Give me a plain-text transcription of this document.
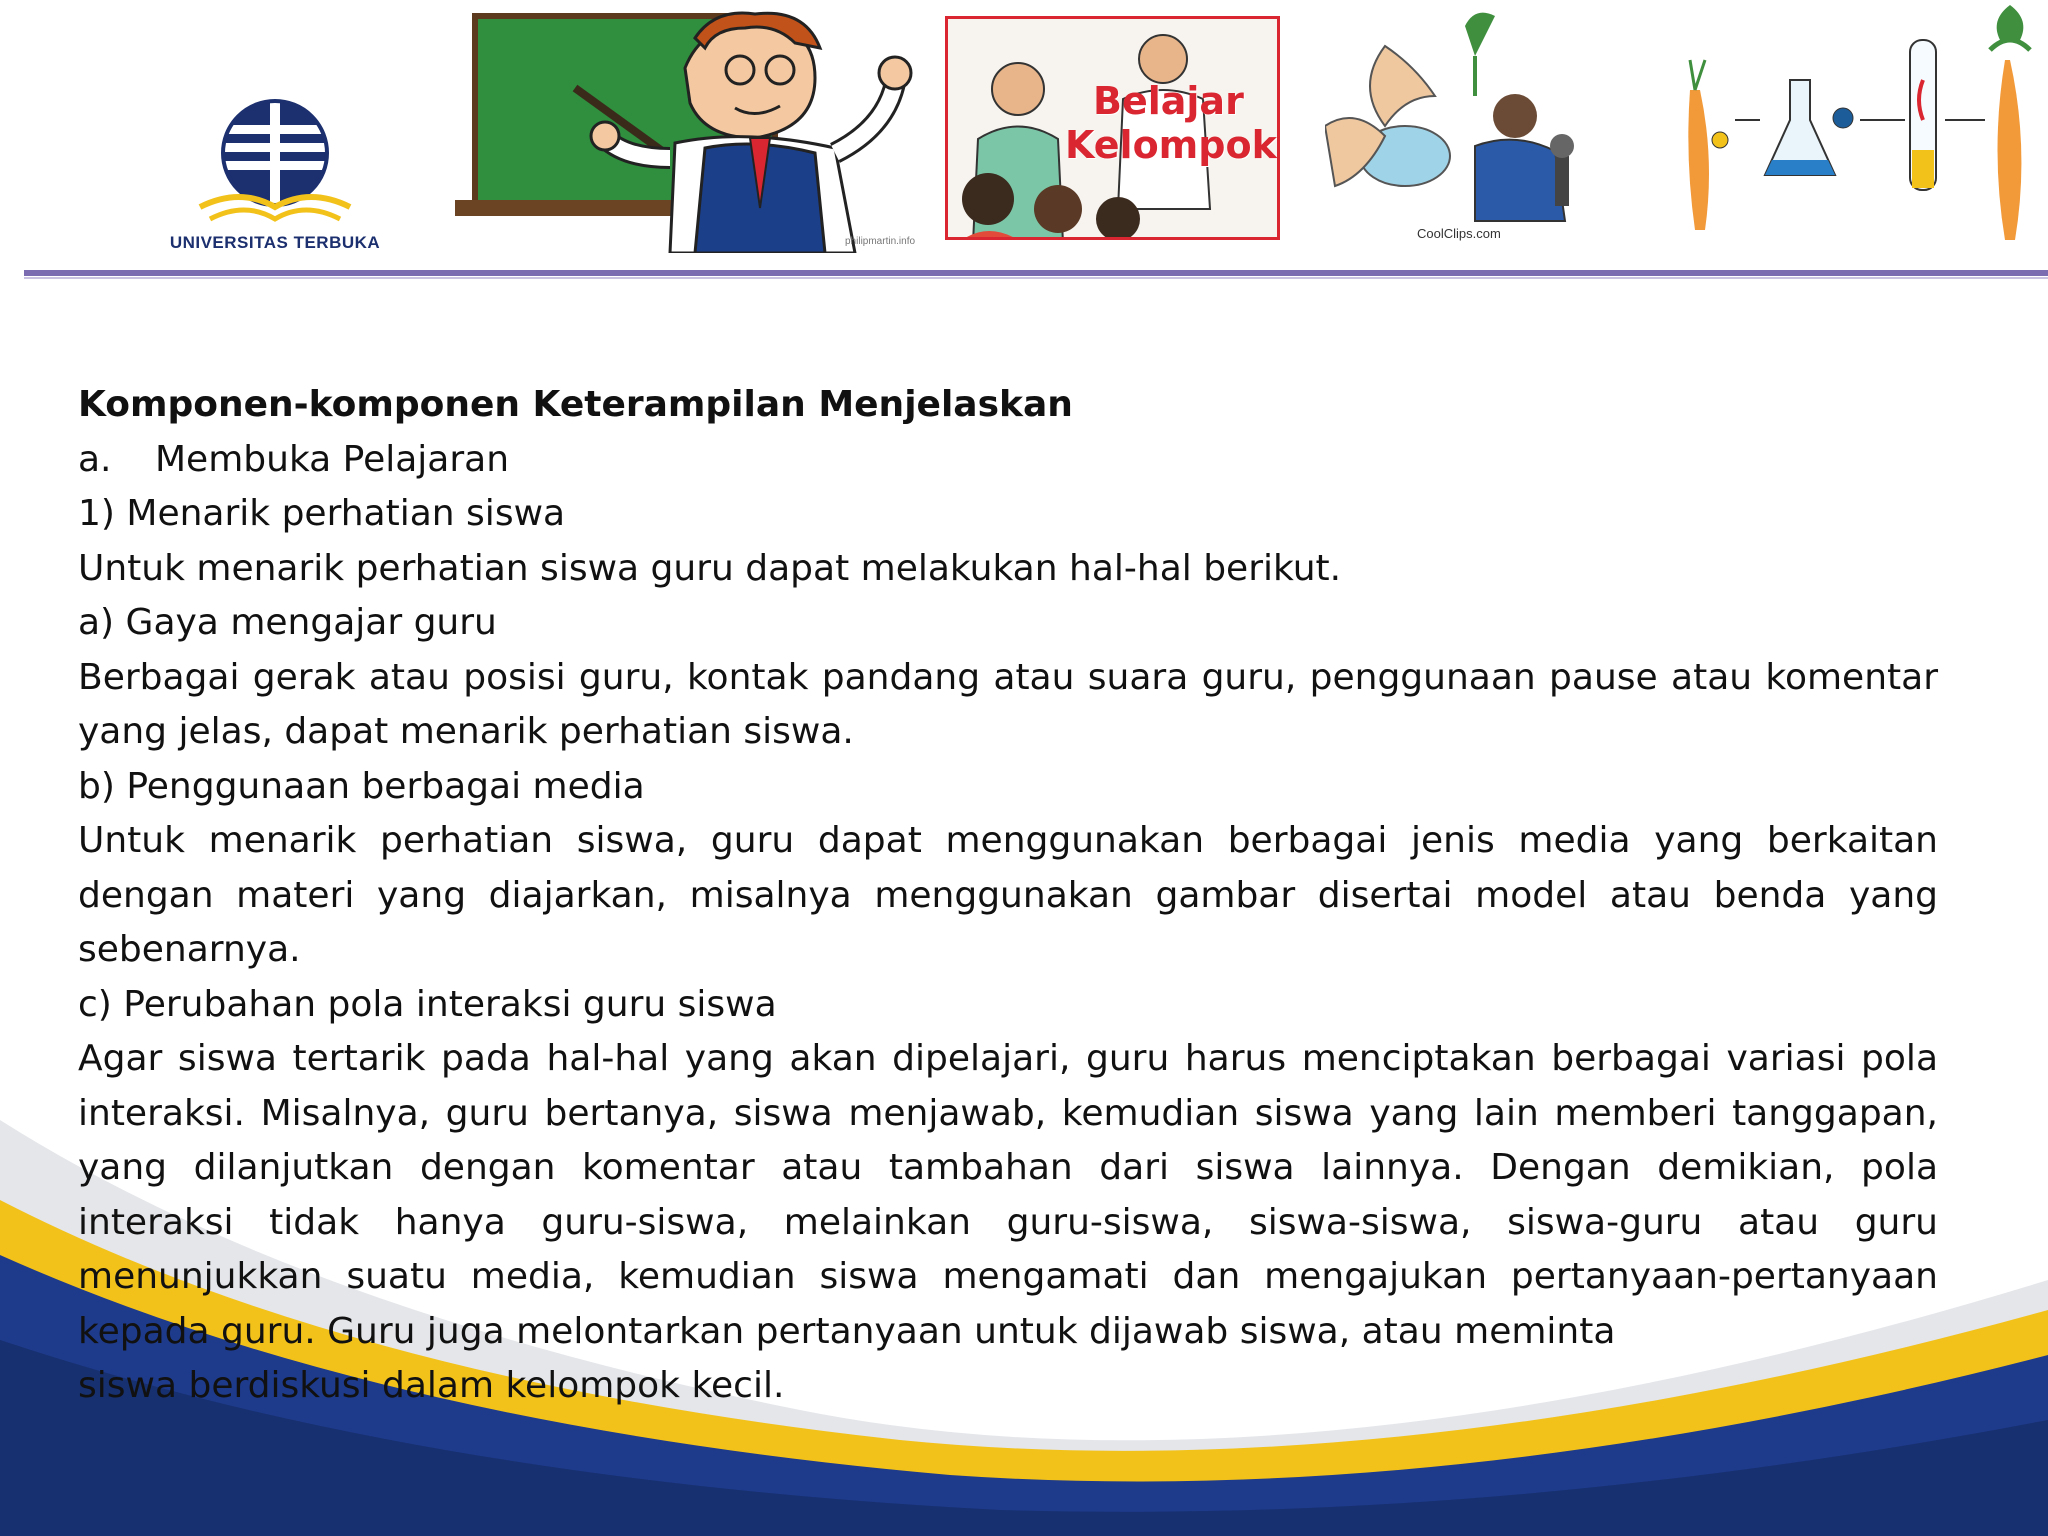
UNIVERSITAS TERBUKA	philipmartin.info
Belajar
Kelompok
CoolClips.com

Komponen-komponen Keterampilan Menjelaskan

a. Membuka Pelajaran

1) Menarik perhatian siswa

Untuk menarik perhatian siswa guru dapat melakukan hal-hal berikut.

a) Gaya mengajar guru

Berbagai gerak atau posisi guru, kontak pandang atau suara guru, penggunaan pause atau komentar yang jelas, dapat menarik perhatian siswa.

b) Penggunaan berbagai media

Untuk menarik perhatian siswa, guru dapat menggunakan berbagai jenis media yang berkaitan dengan materi yang diajarkan, misalnya menggunakan gambar disertai model atau benda yang sebenarnya.

c) Perubahan pola interaksi guru siswa

Agar siswa tertarik pada hal-hal yang akan dipelajari, guru harus menciptakan berbagai variasi pola interaksi. Misalnya, guru bertanya, siswa menjawab, kemudian siswa yang lain memberi tanggapan, yang dilanjutkan dengan komentar atau tambahan dari siswa lainnya. Dengan demikian, pola interaksi tidak hanya guru-siswa, melainkan guru-siswa, siswa-siswa, siswa-guru atau guru menunjukkan suatu media, kemudian siswa mengamati dan mengajukan pertanyaan-pertanyaan kepada guru. Guru juga melontarkan pertanyaan untuk dijawab siswa, atau meminta

siswa berdiskusi dalam kelompok kecil.
